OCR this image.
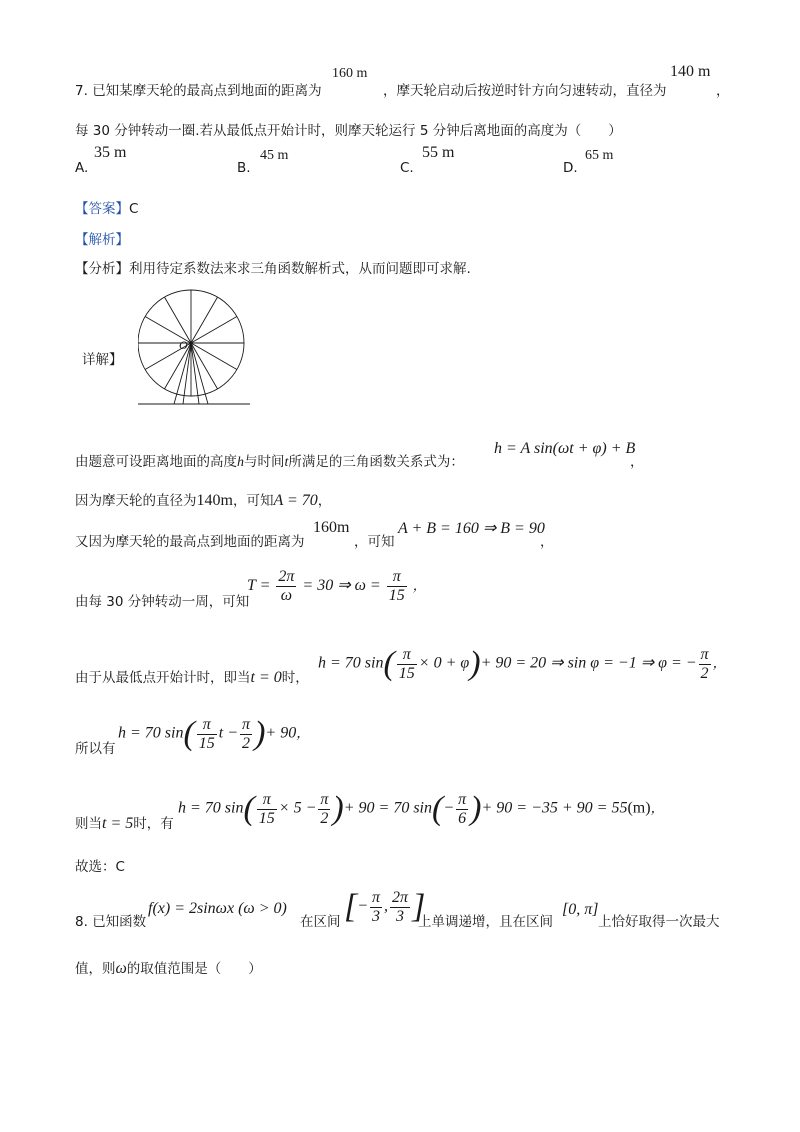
7. 已知某摩天轮的最高点到地面的距离为
160 m
，摩天轮启动后按逆时针方向匀速转动，直径为
140 m
，
每 30 分钟转动一圈.若从最低点开始计时，则摩天轮运行 5 分钟后离地面的高度为（　　）
A.
35 m
B.
45 m
C.
55 m
D.
65 m
【答案】C
【解析】
【分析】利用待定系数法来求三角函数解析式，从而问题即可求解.
O
详解】
由题意可设距离地面的高度h与时间t所满足的三角函数关系式为：
h = A sin(ωt + φ) + B
，
因为摩天轮的直径为140m，可知A = 70，
又因为摩天轮的最高点到地面的距离为
160m
，可知
A + B = 160 ⇒ B = 90
，
由每 30 分钟转动一周，可知
$T = \frac{2\pi}{\omega} = 30$ ⇒ $\omega = \frac{\pi}{15}$ ，
由于从最低点开始计时，即当t = 0时，
h = 70 $\sin( \frac{\pi}{15} \times 0 + \varphi)+ 90 = 20$ ⇒ sin φ = −1 ⇒ φ = − $\frac{\pi}{2}$ ，
所以有
h = 70 $\sin( \frac{\pi}{15}$ $t - \frac{\pi}{2}$ )+ 90，
则当t = 5时，有
h = 70 $\sin( \frac{\pi}{15} \times 5 - \frac{\pi}{2}$ )+ 90 = 70 $\sin(- \frac{\pi}{6}$ )+ 90 = −35 + 90 = 55(m)，
故选：C
8. 已知函数
f(x) = 2sinωx (ω > 0)
在区间 [− $\frac{\pi}{3}$ , $\frac{2\pi}{3}$ ]
上单调递增，且在区间
[0, π]
上恰好取得一次最大
值，则ω的取值范围是（　　）
